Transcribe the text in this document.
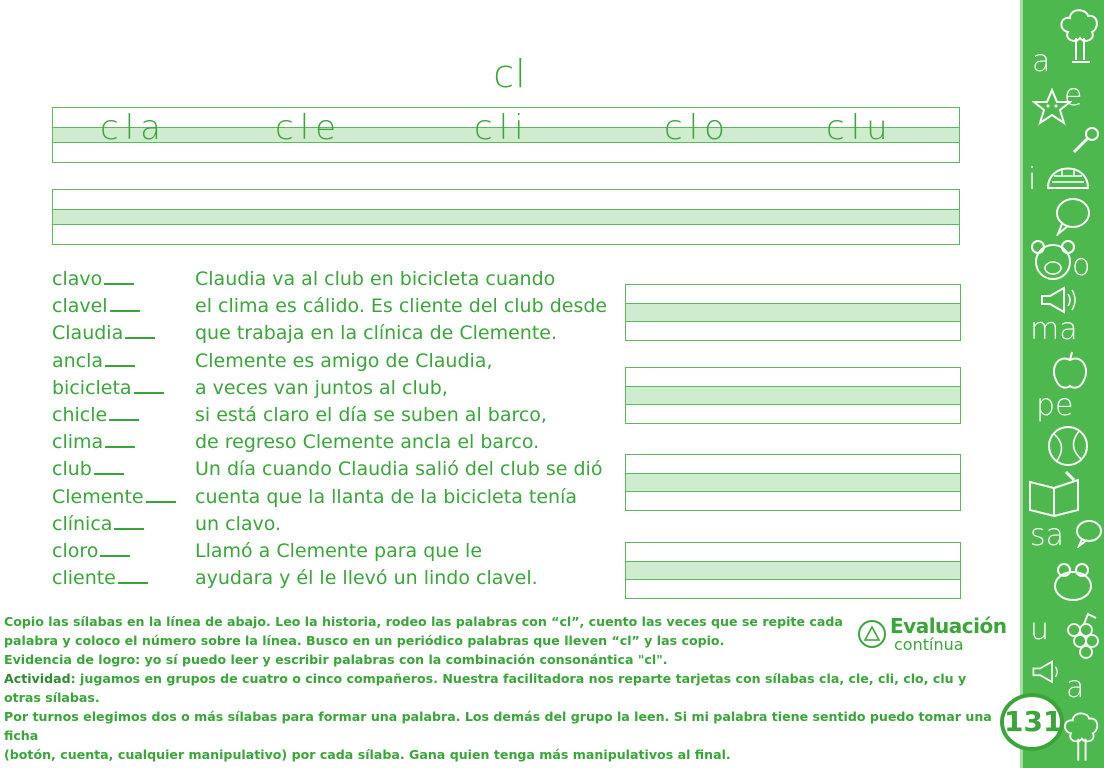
cl
cla	cle	cli	clo	clu
clavo
clavel
Claudia
ancla
bicicleta
chicle
clima
club
Clemente
clínica
cloro
cliente
Claudia va al club en bicicleta cuando
el clima es cálido. Es cliente del club desde
que trabaja en la clínica de Clemente.
Clemente es amigo de Claudia,
a veces van juntos al club,
si está claro el día se suben al barco,
de regreso Clemente ancla el barco.
Un día cuando Claudia salió del club se dió
cuenta que la llanta de la bicicleta tenía
un clavo.
Llamó a Clemente para que le
ayudara y él le llevó un lindo clavel.
Evaluación
contínua
Copio las sílabas en la línea de abajo. Leo la historia, rodeo las palabras con “cl”, cuento las veces que se repite cada
palabra y coloco el número sobre la línea. Busco en un periódico palabras que lleven “cl” y las copio.
Evidencia de logro: yo sí puedo leer y escribir palabras con la combinación consonántica "cl".
Actividad: jugamos en grupos de cuatro o cinco compañeros. Nuestra facilitadora nos reparte tarjetas con sílabas cla, cle, cli, clo, clu y otras sílabas.
Por turnos elegimos dos o más sílabas para formar una palabra. Los demás del grupo la leen. Si mi palabra tiene sentido puedo tomar una ficha
(botón, cuenta, cualquier manipulativo) por cada sílaba. Gana quien tenga más manipulativos al final.
a
e
i
o
ma
pe
sa
u
a
131
